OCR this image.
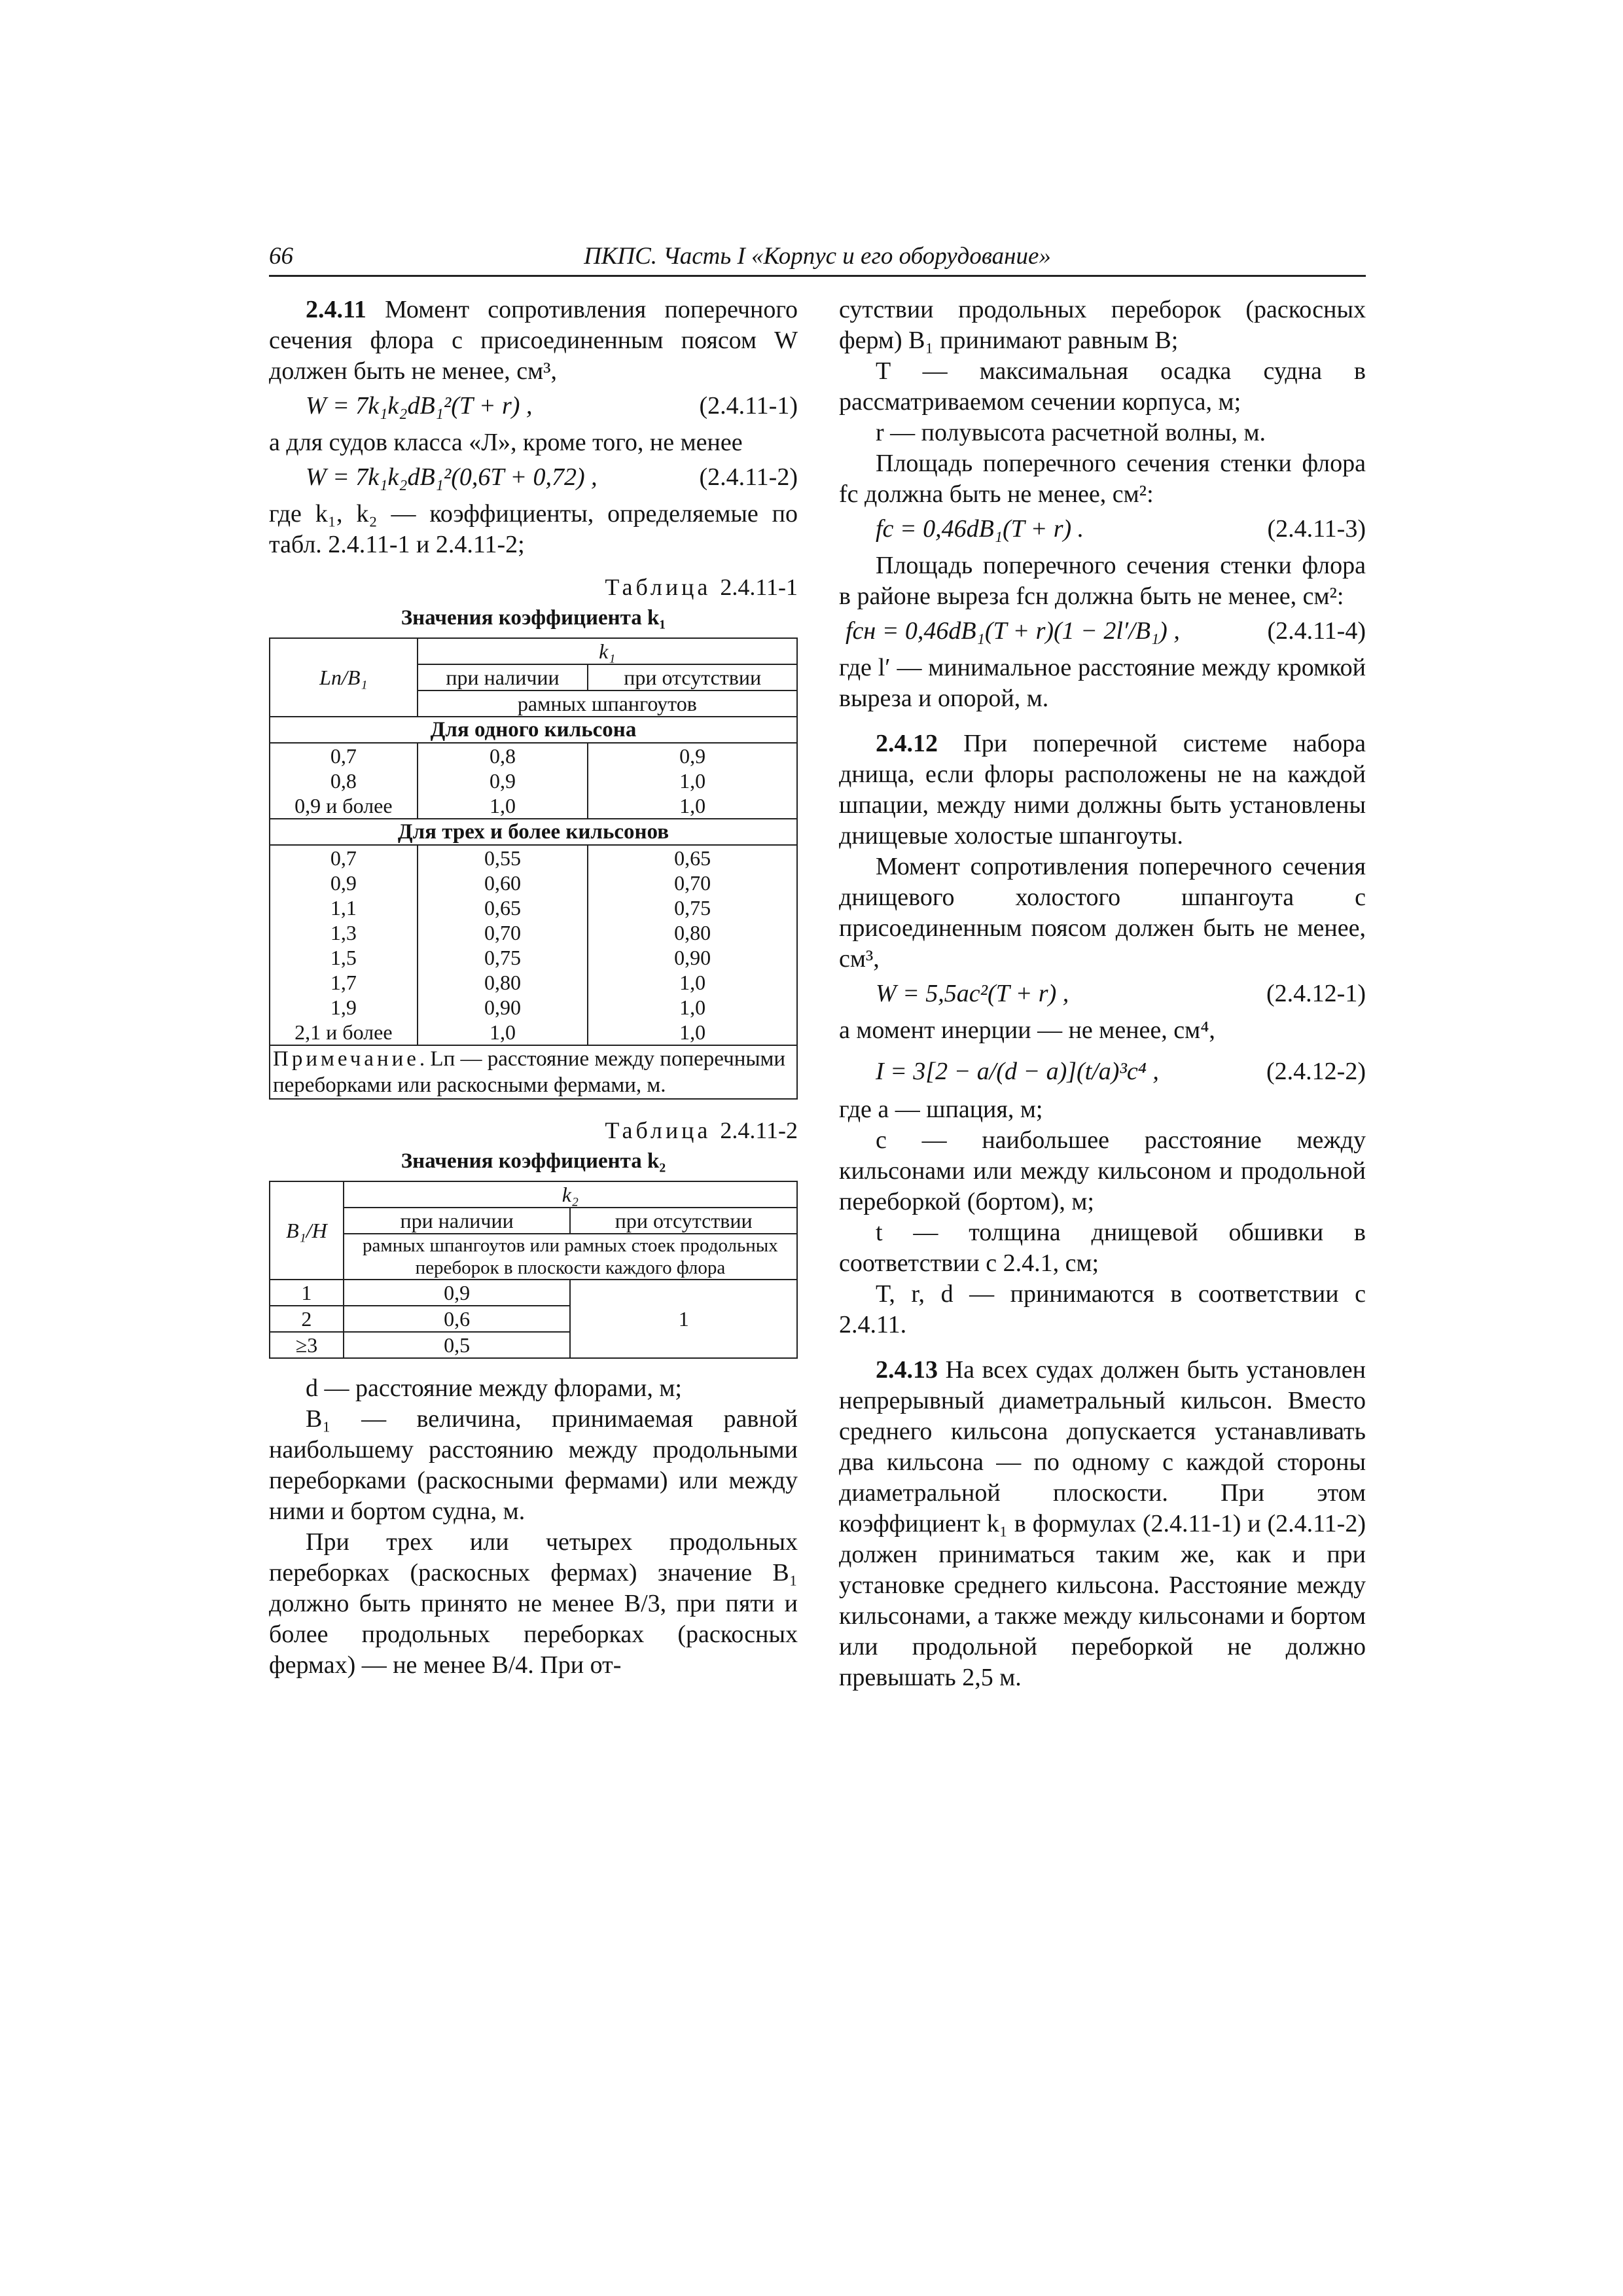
66	ПКПС. Часть I «Корпус и его оборудование»

2.4.11 Момент сопротивления поперечного сечения флора с присоединенным поясом W должен быть не менее, см³,

W = 7k₁k₂dB₁²(T + r) ,	(2.4.11-1)

а для судов класса «Л», кроме того, не менее

W = 7k₁k₂dB₁²(0,6T + 0,72) ,	(2.4.11-2)

где k₁, k₂ — коэффициенты, определяемые по табл. 2.4.11-1 и 2.4.11-2;

Таблица 2.4.11-1

Значения коэффициента k₁

Lп/B₁	k₁	
	при наличии	при отсутствии
	рамных шпангоутов	
Для одного кильсона		
0,7	0,8	0,9
0,8	0,9	1,0
0,9 и более	1,0	1,0
Для трех и более кильсонов		
0,7	0,55	0,65
0,9	0,60	0,70
1,1	0,65	0,75
1,3	0,70	0,80
1,5	0,75	0,90
1,7	0,80	1,0
1,9	0,90	1,0
2,1 и более	1,0	1,0
Примечание. Lп — расстояние между поперечными переборками или раскосными фермами, м.		

Таблица 2.4.11-2

Значения коэффициента k₂

B₁/H	k₂	
	при наличии	при отсутствии
	рамных шпангоутов или рамных стоек продольных переборок в плоскости каждого флора	
1	0,9	1
2	0,6	
≥3	0,5	

d — расстояние между флорами, м;

B₁ — величина, принимаемая равной наибольшему расстоянию между продольными переборками (раскосными фермами) или между ними и бортом судна, м.

При трех или четырех продольных переборках (раскосных фермах) значение B₁ должно быть принято не менее B/3, при пяти и более продольных переборках (раскосных фермах) — не менее B/4. При от-

сутствии продольных переборок (раскосных ферм) B₁ принимают равным B;

T — максимальная осадка судна в рассматриваемом сечении корпуса, м;

r — полувысота расчетной волны, м.

Площадь поперечного сечения стенки флора fc должна быть не менее, см²:

fc = 0,46dB₁(T + r) .	(2.4.11-3)

Площадь поперечного сечения стенки флора в районе выреза fсн должна быть не менее, см²:

fсн = 0,46dB₁(T + r)(1 − 2l′/B₁) ,	(2.4.11-4)

где l′ — минимальное расстояние между кромкой выреза и опорой, м.

2.4.12 При поперечной системе набора днища, если флоры расположены не на каждой шпации, между ними должны быть установлены днищевые холостые шпангоуты.

Момент сопротивления поперечного сечения днищевого холостого шпангоута с присоединенным поясом должен быть не менее, см³,

W = 5,5ac²(T + r) ,	(2.4.12-1)

а момент инерции — не менее, см⁴,

I = 3[2 − a/(d − a)](t/a)³c⁴ ,	(2.4.12-2)

где a — шпация, м;

c — наибольшее расстояние между кильсонами или между кильсоном и продольной переборкой (бортом), м;

t — толщина днищевой обшивки в соответствии с 2.4.1, см;

T, r, d — принимаются в соответствии с 2.4.11.

2.4.13 На всех судах должен быть установлен непрерывный диаметральный кильсон. Вместо среднего кильсона допускается устанавливать два кильсона — по одному с каждой стороны диаметральной плоскости. При этом коэффициент k₁ в формулах (2.4.11-1) и (2.4.11-2) должен приниматься таким же, как и при установке среднего кильсона. Расстояние между кильсонами, а также между кильсонами и бортом или продольной переборкой не должно превышать 2,5 м.
